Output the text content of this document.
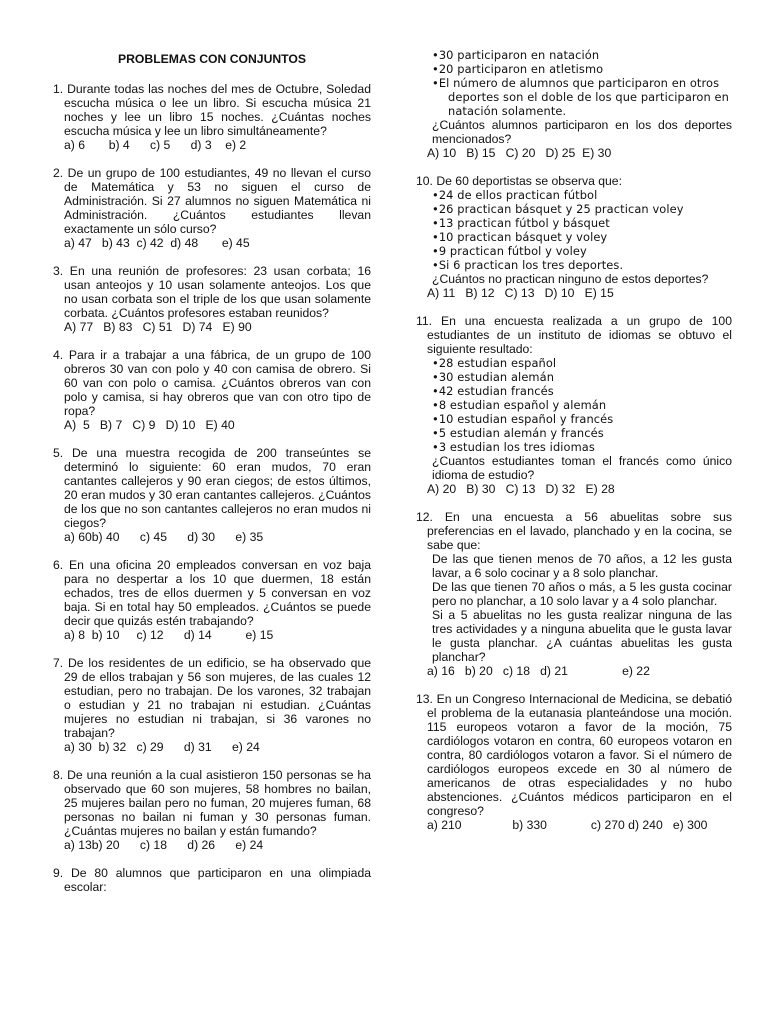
PROBLEMAS CON CONJUNTOS

1. Durante todas las noches del mes de Octubre, Soledad escucha música o lee un libro. Si escucha música 21 noches y lee un libro 15 noches. ¿Cuántas noches escucha música y lee un libro simultáneamente?

a) 6       b) 4      c) 5      d) 3    e) 2

2. De un grupo de 100 estudiantes, 49 no llevan el curso de Matemática y 53 no siguen el curso de Administración. Si 27 alumnos no siguen Matemática ni Administración. ¿Cuántos estudiantes llevan exactamente un sólo curso?

a) 47   b) 43  c) 42  d) 48       e) 45

3. En una reunión de profesores: 23 usan corbata; 16 usan anteojos y 10 usan solamente anteojos. Los que no usan corbata son el triple de los que usan solamente corbata. ¿Cuántos profesores estaban reunidos?

A) 77   B) 83   C) 51   D) 74   E) 90

4. Para ir a trabajar a una fábrica, de un grupo de 100 obreros 30 van con polo y 40 con camisa de obrero. Si 60 van con polo o camisa. ¿Cuántos obreros van con polo y camisa, si hay obreros que van con otro tipo de ropa?

A)  5   B) 7   C) 9   D) 10   E) 40

5. De una muestra recogida de 200 transeúntes se determinó lo siguiente: 60 eran mudos, 70 eran cantantes callejeros y 90 eran ciegos; de estos últimos, 20 eran mudos y 30 eran cantantes callejeros. ¿Cuántos de los que no son cantantes callejeros no eran mudos ni ciegos?

a) 60b) 40      c) 45      d) 30      e) 35

6. En una oficina 20 empleados conversan en voz baja para no despertar a los 10 que duermen, 18 están echados, tres de ellos duermen y 5 conversan en voz baja. Si en total hay 50 empleados. ¿Cuántos se puede decir que quizás estén trabajando?

a) 8  b) 10     c) 12      d) 14          e) 15

7. De los residentes de un edificio, se ha observado que 29 de ellos trabajan y 56 son mujeres, de las cuales 12 estudian, pero no trabajan. De los varones, 32 trabajan o estudian y 21 no trabajan ni estudian. ¿Cuántas mujeres no estudian ni trabajan, si 36 varones no trabajan?

a) 30  b) 32   c) 29      d) 31      e) 24

8. De una reunión a la cual asistieron 150 personas se ha observado que 60 son mujeres, 58 hombres no bailan, 25 mujeres bailan pero no fuman, 20 mujeres fuman, 68 personas no bailan ni fuman y 30 personas fuman. ¿Cuántas mujeres no bailan y están fumando?

a) 13b) 20      c) 18      d) 26      e) 24

9. De 80 alumnos que participaron en una olimpiada escolar:

•30 participaron en natación

•20 participaron en atletismo

•El número de alumnos que participaron en otros deportes son el doble de los que participaron en natación solamente.

¿Cuántos alumnos participaron en los dos deportes mencionados?

A) 10   B) 15   C) 20   D) 25  E) 30

10. De 60 deportistas se observa que:

•24 de ellos practican fútbol

•26 practican básquet y 25 practican voley

•13 practican fútbol y básquet

•10 practican básquet y voley

•9 practican fútbol y voley

•Si 6 practican los tres deportes.

¿Cuántos no practican ninguno de estos deportes?

A) 11   B) 12   C) 13   D) 10   E) 15

11. En una encuesta realizada a un grupo de 100 estudiantes de un instituto de idiomas se obtuvo el siguiente resultado:

•28 estudian español

•30 estudian alemán

•42 estudian francés

•8 estudian español y alemán

•10 estudian español y francés

•5 estudian alemán y francés

•3 estudian los tres idiomas

¿Cuantos estudiantes toman el francés como único idioma de estudio?

A) 20   B) 30   C) 13   D) 32   E) 28

12. En una encuesta a 56 abuelitas sobre sus preferencias en el lavado, planchado y en la cocina, se sabe que:

De las que tienen menos de 70 años, a 12 les gusta lavar, a 6 solo cocinar y a 8 solo planchar.

De las que tienen 70 años o más, a 5 les gusta cocinar pero no planchar, a 10 solo lavar y a 4 solo planchar.

Si a 5 abuelitas no les gusta realizar ninguna de las tres actividades y a ninguna abuelita que le gusta lavar le gusta planchar. ¿A cuántas abuelitas les gusta planchar?

a) 16   b) 20   c) 18   d) 21                e) 22

13. En un Congreso Internacional de Medicina, se debatió el problema de la eutanasia planteándose una moción. 115 europeos votaron a favor de la moción, 75 cardiólogos votaron en contra, 60 europeos votaron en contra, 80 cardiólogos votaron a favor. Si el número de cardiólogos europeos excede en 30 al número de americanos de otras especialidades y no hubo abstenciones. ¿Cuántos médicos participaron en el congreso?

a) 210               b) 330             c) 270 d) 240   e) 300
